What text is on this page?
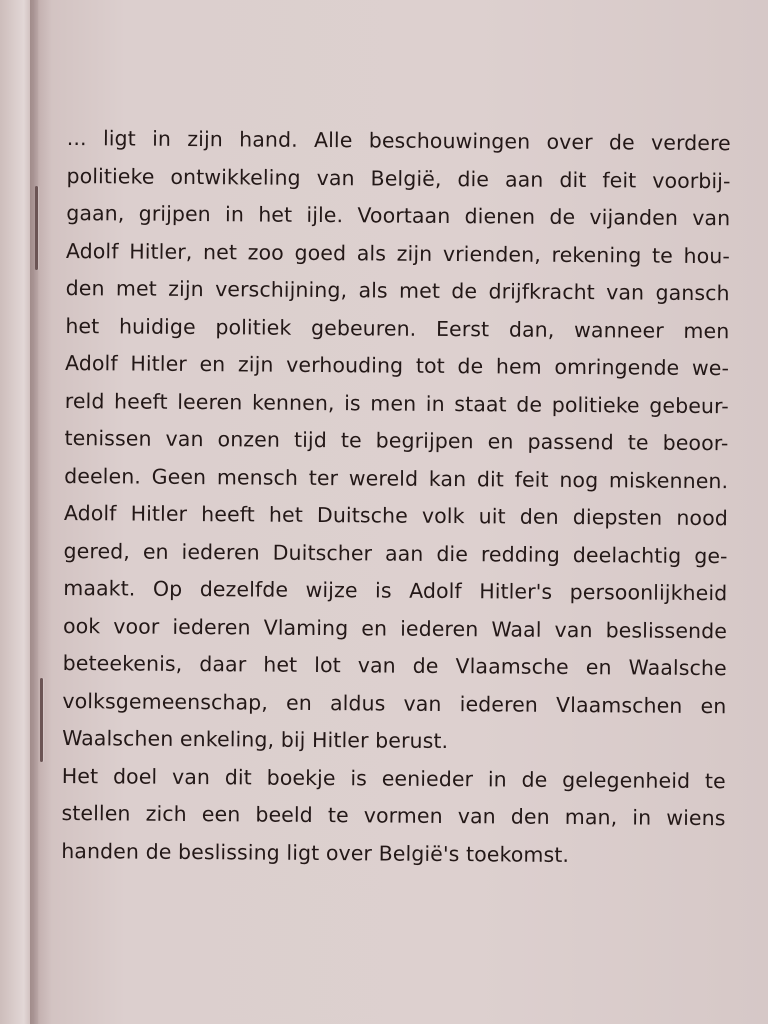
... ligt in zijn hand. Alle beschouwingen over de verdere
politieke ontwikkeling van België, die aan dit feit voorbij-
gaan, grijpen in het ijle. Voortaan dienen de vijanden van
Adolf Hitler, net zoo goed als zijn vrienden, rekening te hou-
den met zijn verschijning, als met de drijfkracht van gansch
het huidige politiek gebeuren. Eerst dan, wanneer men
Adolf Hitler en zijn verhouding tot de hem omringende we-
reld heeft leeren kennen, is men in staat de politieke gebeur-
tenissen van onzen tijd te begrijpen en passend te beoor-
deelen. Geen mensch ter wereld kan dit feit nog miskennen.
Adolf Hitler heeft het Duitsche volk uit den diepsten nood
gered, en iederen Duitscher aan die redding deelachtig ge-
maakt. Op dezelfde wijze is Adolf Hitler's persoonlijkheid
ook voor iederen Vlaming en iederen Waal van beslissende
beteekenis, daar het lot van de Vlaamsche en Waalsche
volksgemeenschap, en aldus van iederen Vlaamschen en
Waalschen enkeling, bij Hitler berust.
Het doel van dit boekje is eenieder in de gelegenheid te
stellen zich een beeld te vormen van den man, in wiens
handen de beslissing ligt over België's toekomst.
